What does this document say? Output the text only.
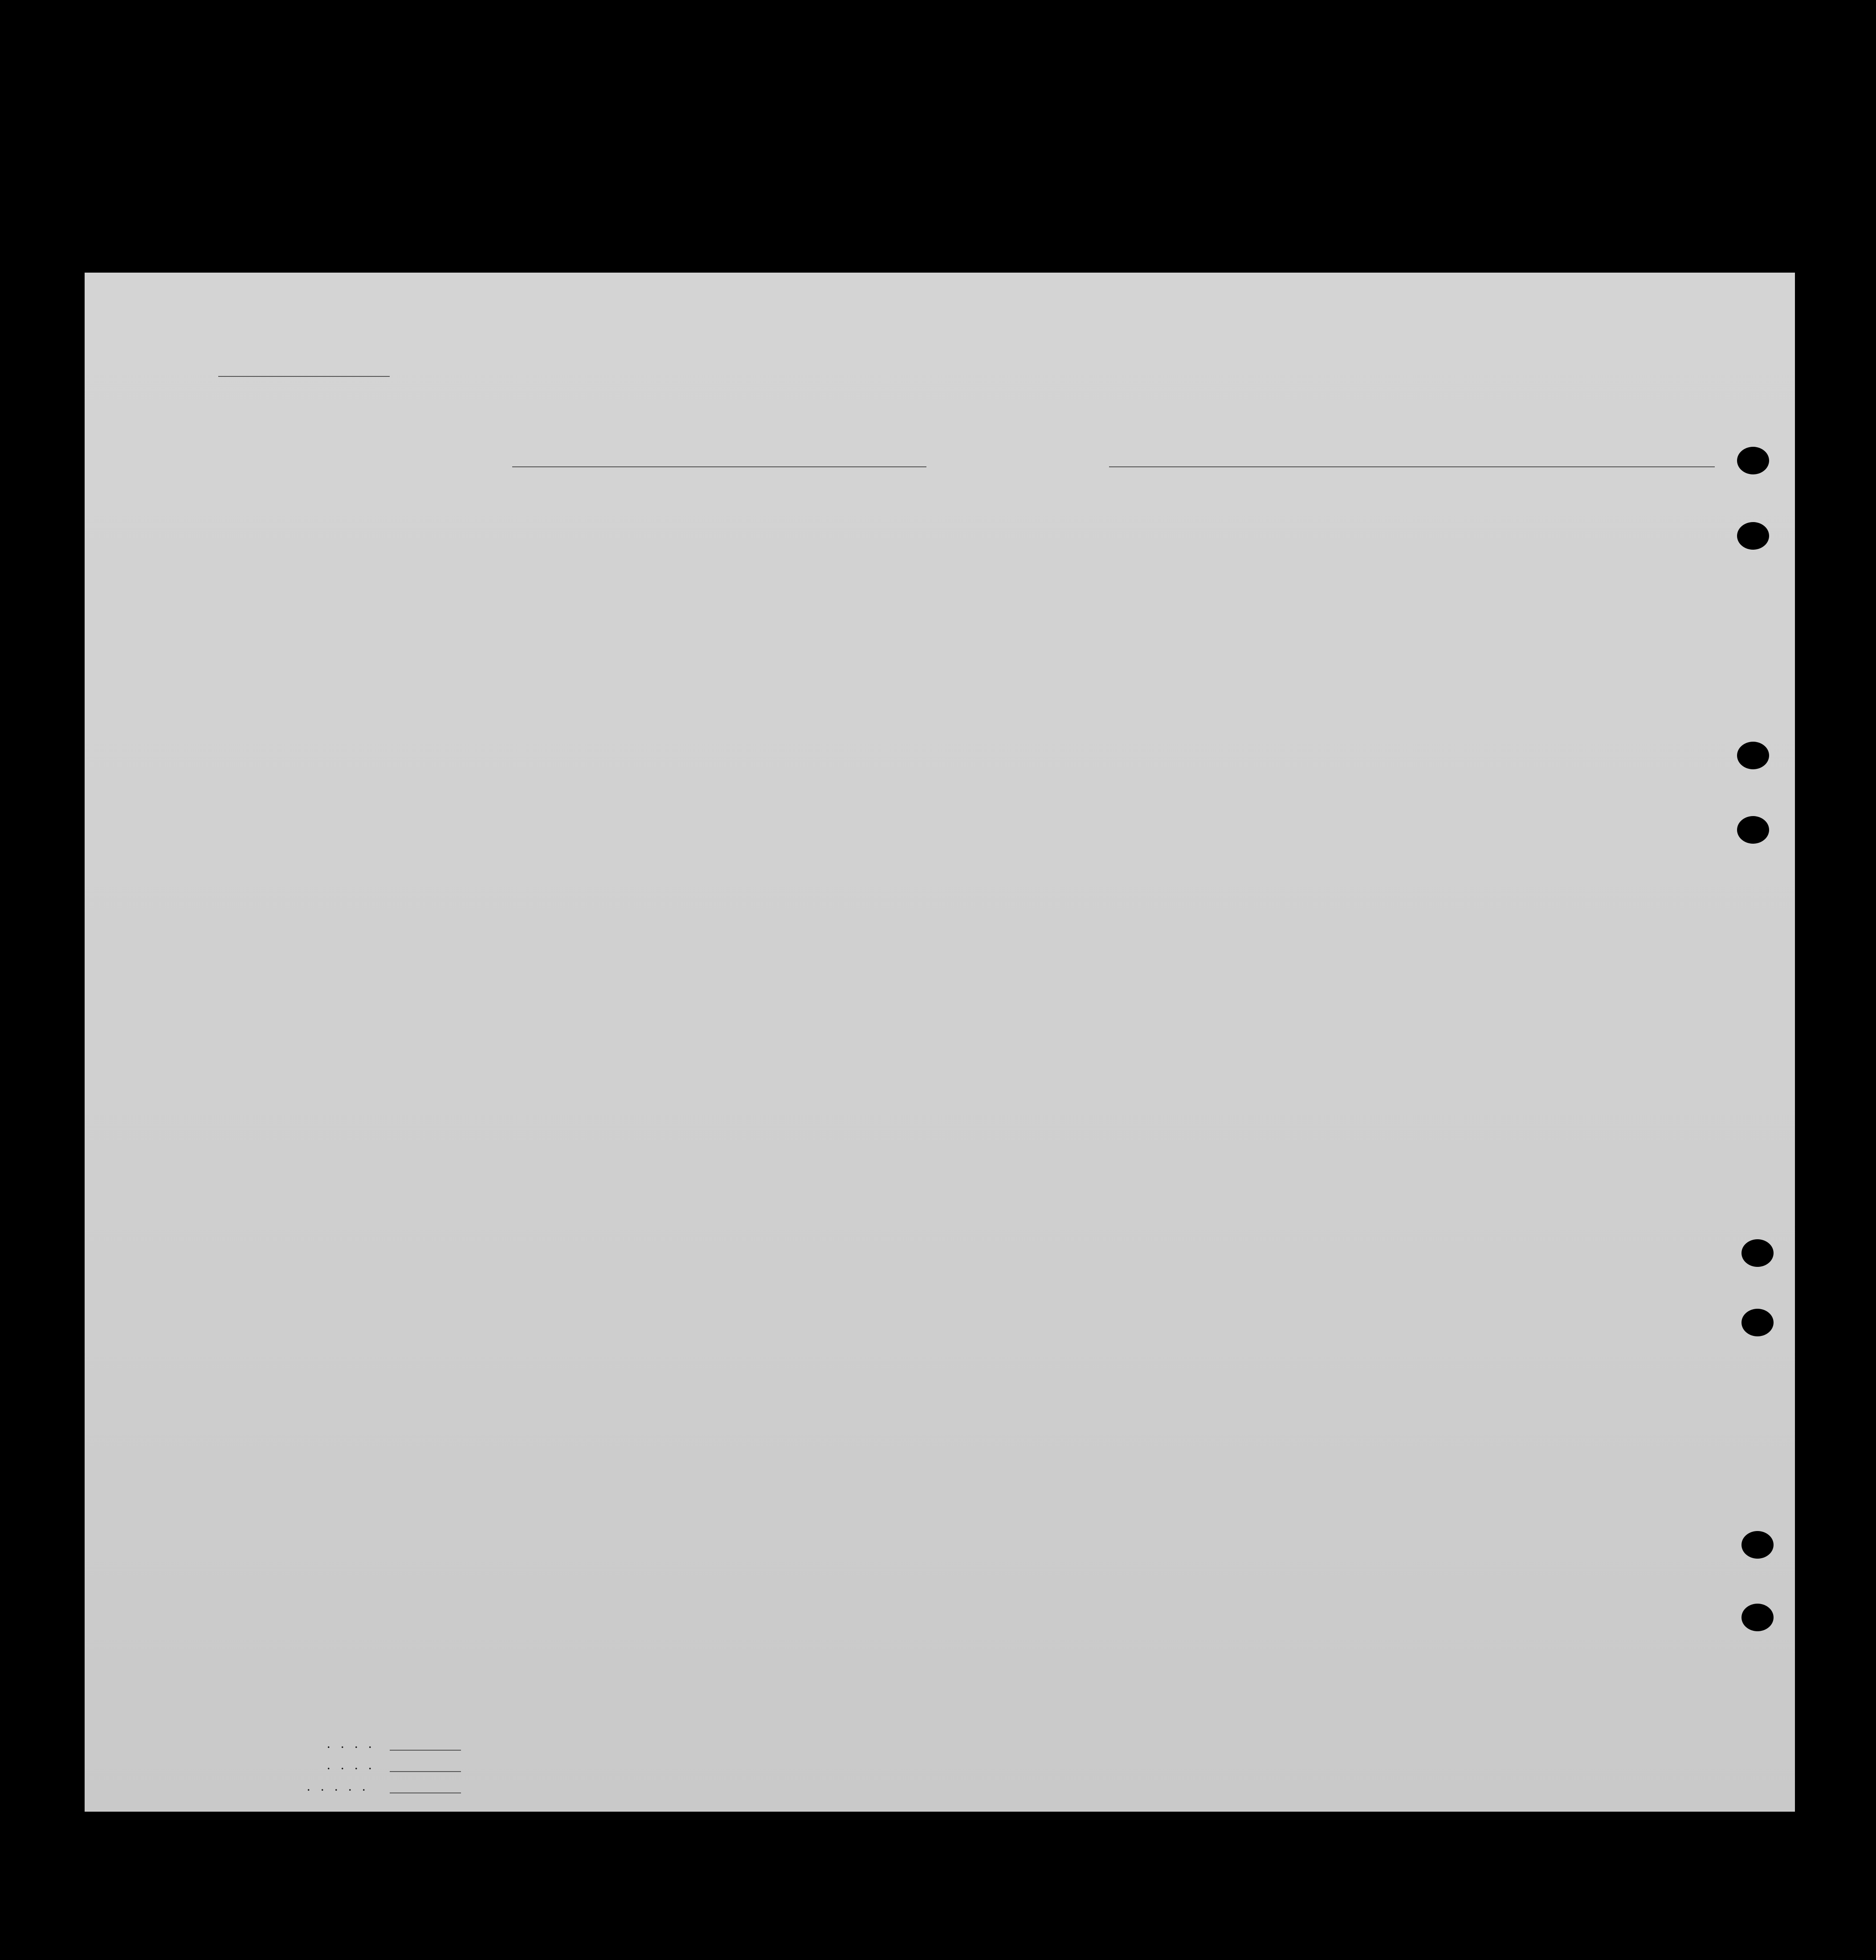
. . . .
. . . .
. . . . .
